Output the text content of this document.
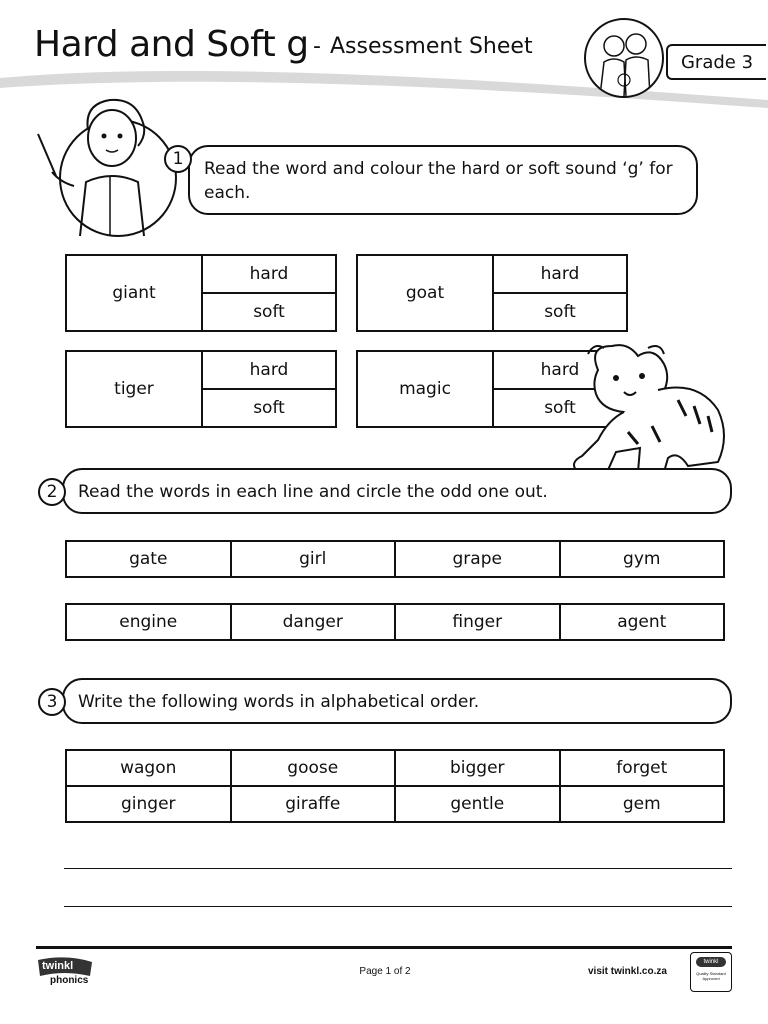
Hard and Soft g - Assessment Sheet
Grade 3
Read the word and colour the hard or soft sound ‘g’ for each.
1
giant	hard
soft
goat	hard
soft
tiger	hard
soft
magic	hard
soft
Read the words in each line and circle the odd one out.
2
gate	girl	grape	gym
engine	danger	finger	agent
Write the following words in alphabetical order.
3
wagon	goose	bigger	forget
ginger	giraffe	gentle	gem
twinkl
phonics
Page 1 of 2	visit twinkl.co.za
twinkl
Quality Standard Approved
